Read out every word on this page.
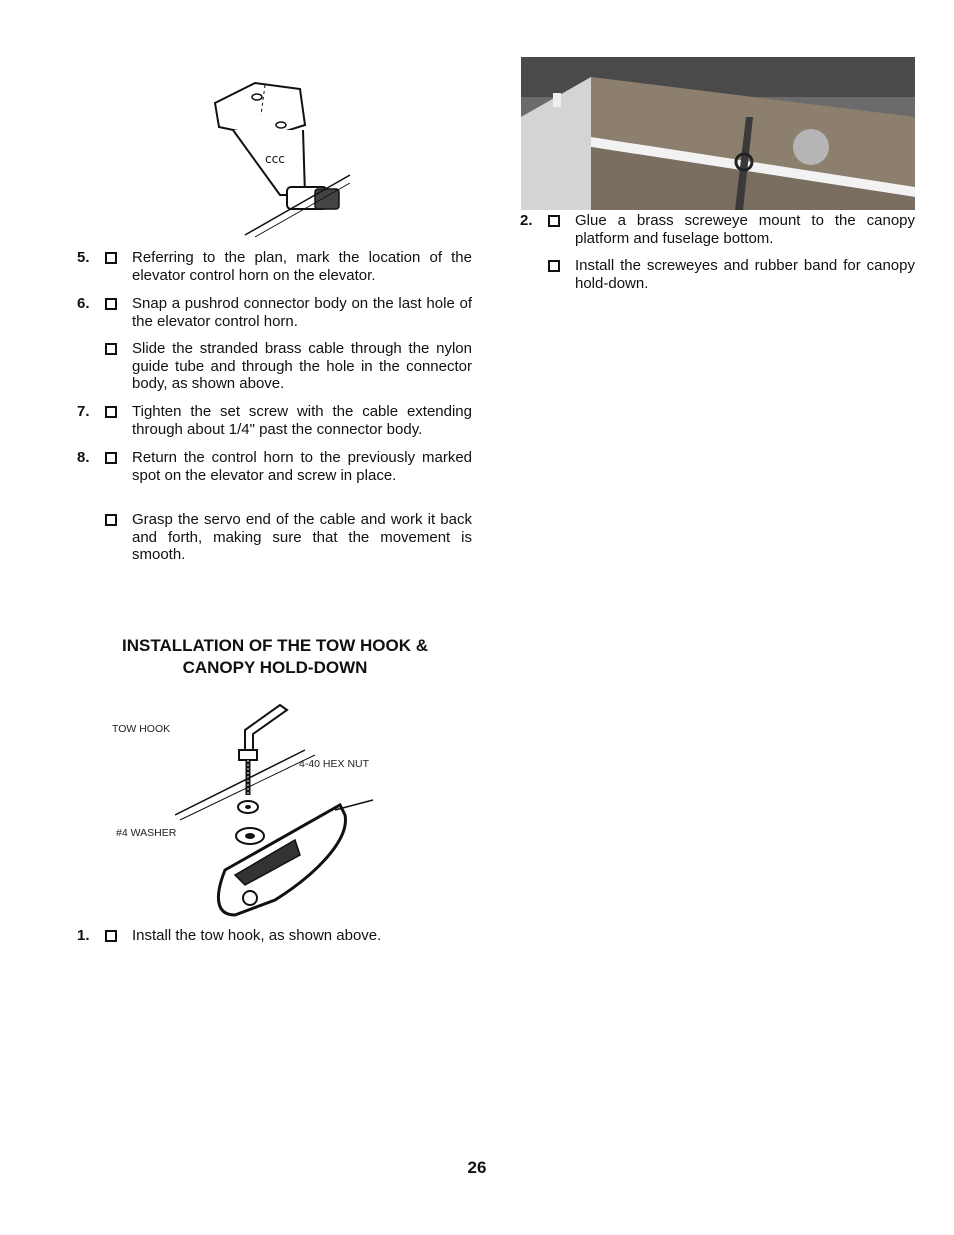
ccc
5.	Referring to the plan, mark the location of the elevator control horn on the elevator.
6.	Snap a pushrod connector body on the last hole of the elevator control horn.
Slide the stranded brass cable through the nylon guide tube and through the hole in the connector body, as shown above.
7.	Tighten the set screw with the cable extending through about 1/4" past the connector body.
8.	Return the control horn to the previously marked spot on the elevator and screw in place.
Grasp the servo end of the cable and work it back and forth, making sure that the movement is smooth.
INSTALLATION OF THE TOW HOOK &
CANOPY HOLD-DOWN
TOW HOOK
4-40 HEX NUT
#4 WASHER
1.	Install the tow hook, as shown above.
2.	Glue a brass screweye mount to the canopy platform and fuselage bottom.
Install the screweyes and rubber band for canopy hold-down.
26
